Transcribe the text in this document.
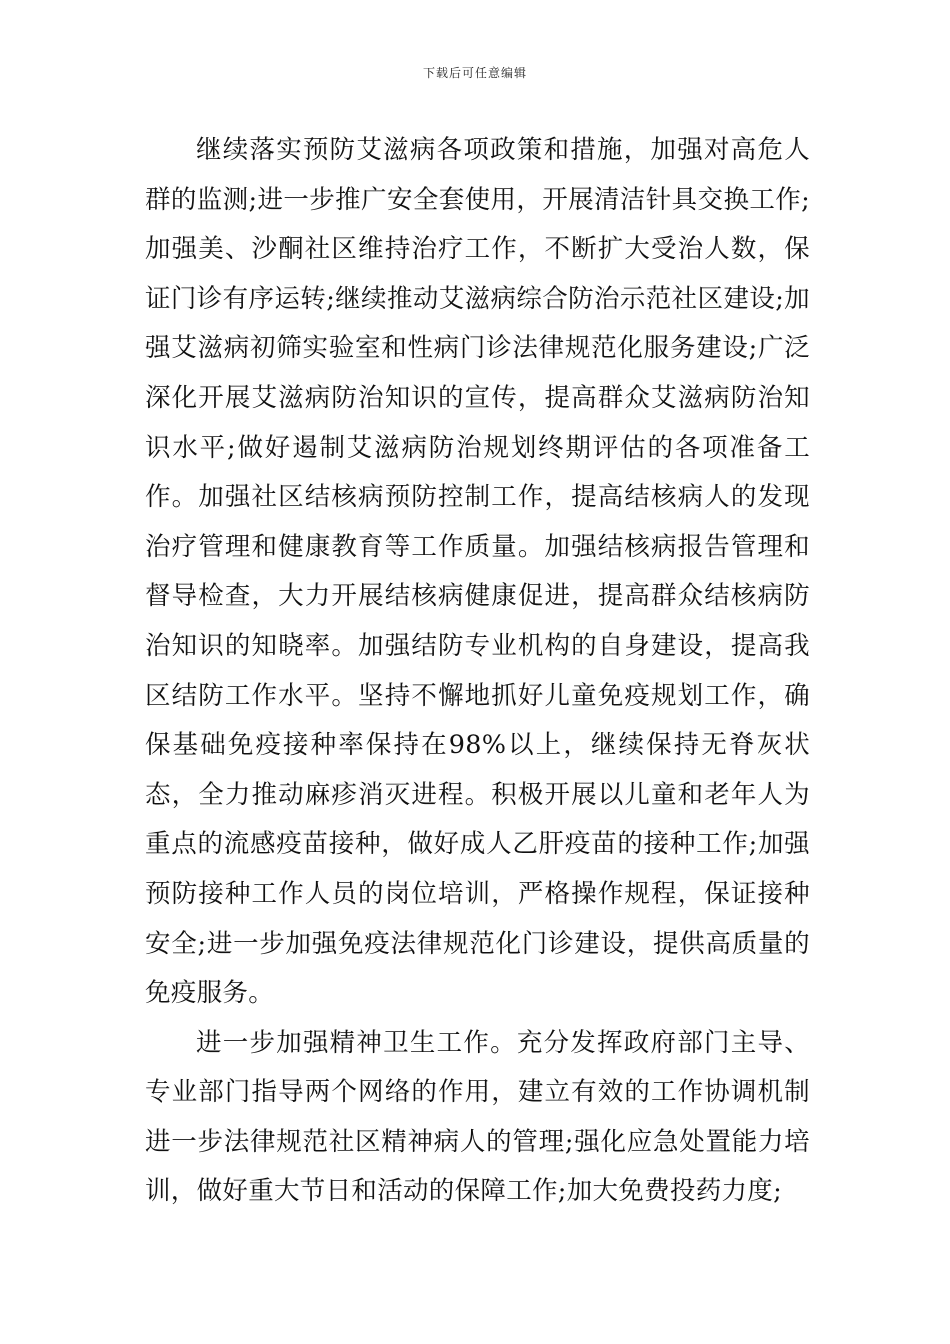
下载后可任意编辑

继续落实预防艾滋病各项政策和措施，加强对高危人群的监测;进一步推广安全套使用，开展清洁针具交换工作;加强美、沙酮社区维持治疗工作，不断扩大受治人数，保证门诊有序运转;继续推动艾滋病综合防治示范社区建设;加强艾滋病初筛实验室和性病门诊法律规范化服务建设;广泛深化开展艾滋病防治知识的宣传，提高群众艾滋病防治知识水平;做好遏制艾滋病防治规划终期评估的各项准备工作。加强社区结核病预防控制工作，提高结核病人的发现治疗管理和健康教育等工作质量。加强结核病报告管理和督导检查，大力开展结核病健康促进，提高群众结核病防治知识的知晓率。加强结防专业机构的自身建设，提高我区结防工作水平。坚持不懈地抓好儿童免疫规划工作，确保基础免疫接种率保持在98%以上，继续保持无脊灰状态，全力推动麻疹消灭进程。积极开展以儿童和老年人为重点的流感疫苗接种，做好成人乙肝疫苗的接种工作;加强预防接种工作人员的岗位培训，严格操作规程，保证接种安全;进一步加强免疫法律规范化门诊建设，提供高质量的免疫服务。

进一步加强精神卫生工作。充分发挥政府部门主导、专业部门指导两个网络的作用，建立有效的工作协调机制进一步法律规范社区精神病人的管理;强化应急处置能力培训，做好重大节日和活动的保障工作;加大免费投药力度;
